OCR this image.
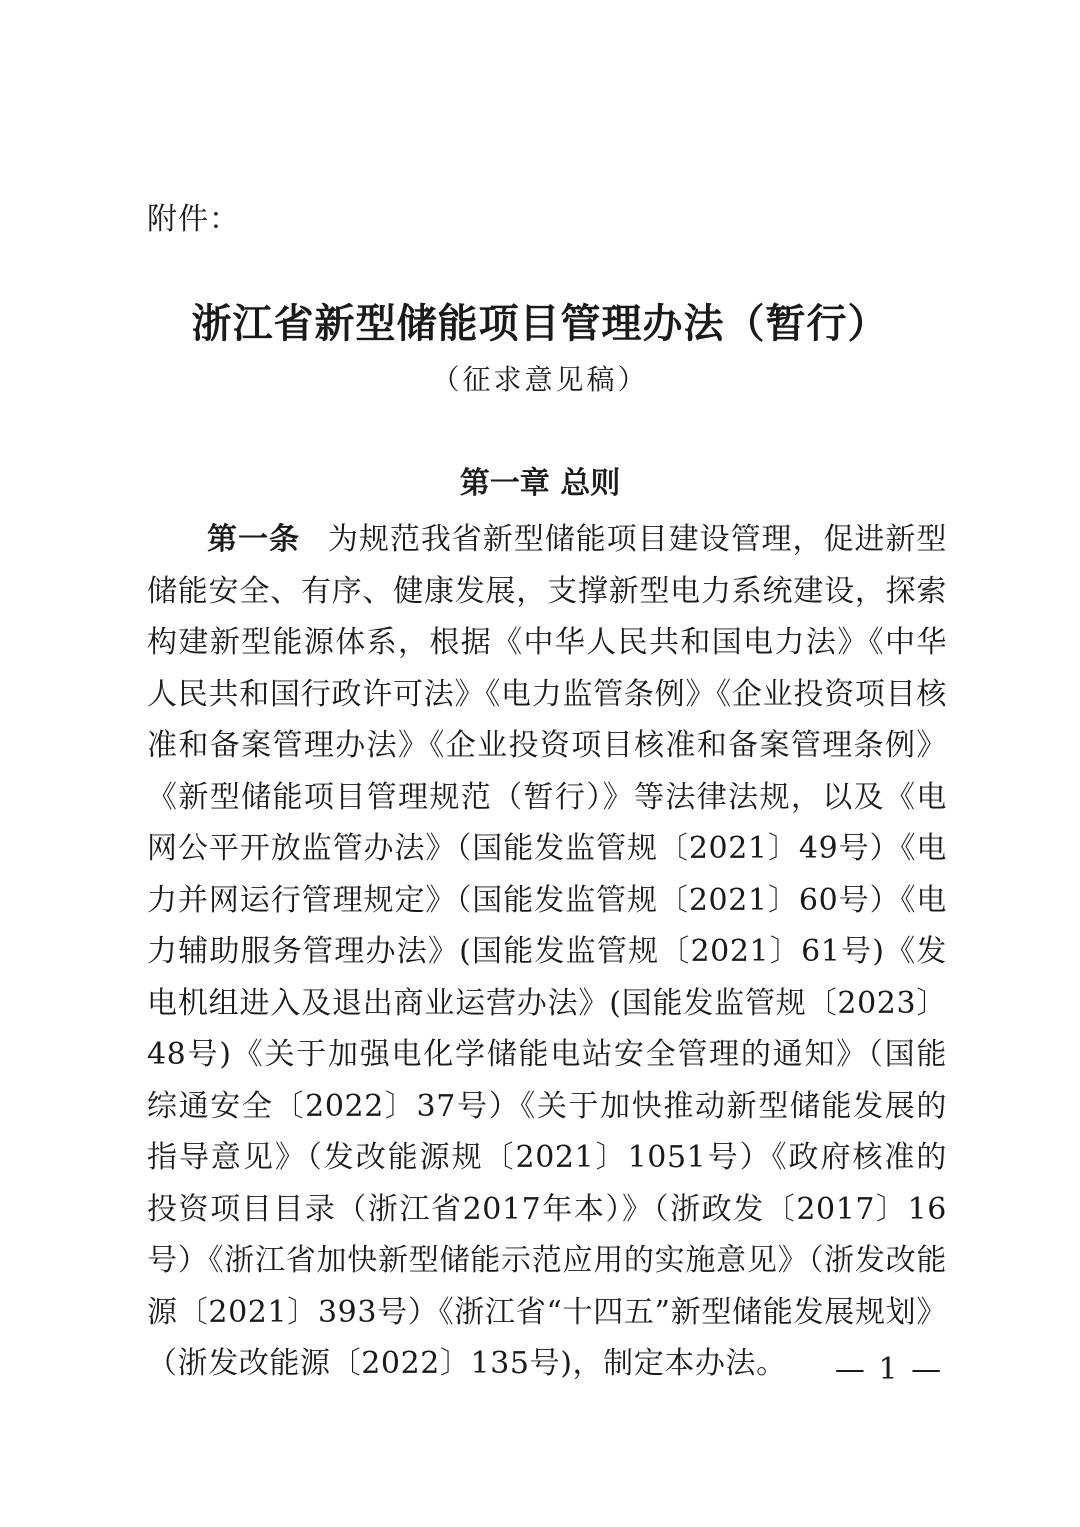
附件：
浙江省新型储能项目管理办法（暂行）
（征求意见稿）
第一章 总则
第一条 为规范我省新型储能项目建设管理，促进新型储能安全、有序、健康发展，支撑新型电力系统建设，探索构建新型能源体系，根据《中华人民共和国电力法》《中华人民共和国行政许可法》《电力监管条例》《企业投资项目核准和备案管理办法》《企业投资项目核准和备案管理条例》《新型储能项目管理规范（暂行）》等法律法规，以及《电网公平开放监管办法》（国能发监管规〔2021〕49号）《电力并网运行管理规定》（国能发监管规〔2021〕60号）《电力辅助服务管理办法》(国能发监管规〔2021〕61号)《发电机组进入及退出商业运营办法》(国能发监管规〔2023〕48号)《关于加强电化学储能电站安全管理的通知》（国能综通安全〔2022〕37号）《关于加快推动新型储能发展的指导意见》（发改能源规〔2021〕1051号）《政府核准的投资项目目录（浙江省2017年本）》（浙政发〔2017〕16号）《浙江省加快新型储能示范应用的实施意见》（浙发改能源〔2021〕393号）《浙江省“十四五”新型储能发展规划》（浙发改能源〔2022〕135号)，制定本办法。	— 1 —
